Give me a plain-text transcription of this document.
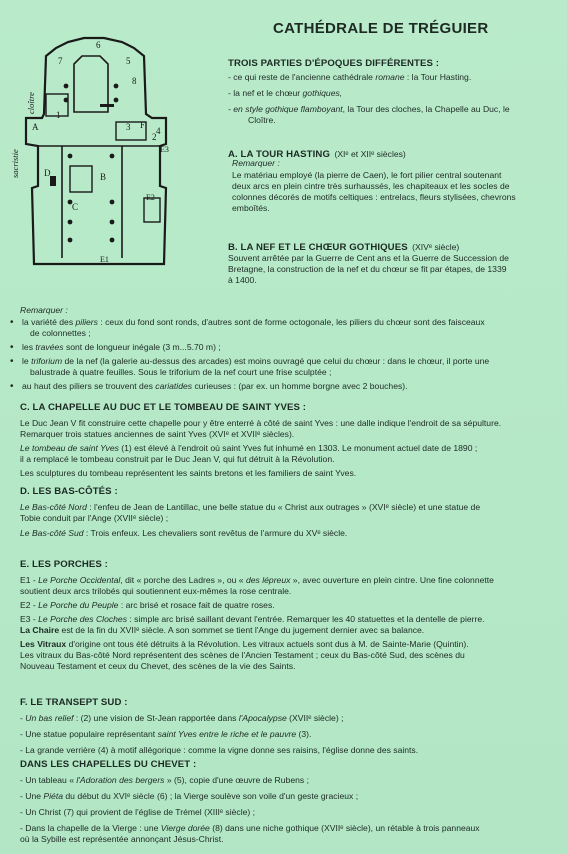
CATHÉDRALE DE TRÉGUIER
6
5
7
8
4
1
3
2
A
B
C
D
F
E3
E2
E1
cloître
sacristie
TROIS PARTIES D'ÉPOQUES DIFFÉRENTES :

- ce qui reste de l'ancienne cathédrale romane : la Tour Hasting.

- la nef et le chœur gothiques,

- en style gothique flamboyant, la Tour des cloches, la Chapelle au Duc, le

Cloître.

A. LA TOUR HASTING (XIᵉ et XIIᵉ siècles)
Remarquer :

Le matériau employé (la pierre de Caen), le fort pilier central soutenant

deux arcs en plein cintre très surhaussés, les chapiteaux et les socles de

colonnes décorés de motifs celtiques : entrelacs, fleurs stylisées, chevrons

emboîtés.

B. LA NEF ET LE CHŒUR GOTHIQUES (XIVᵉ siècle)

Souvent arrêtée par la Guerre de Cent ans et la Guerre de Succession de

Bretagne, la construction de la nef et du chœur se fit par étapes, de 1339

à 1400.

Remarquer :

• la variété des piliers : ceux du fond sont ronds, d'autres sont de forme octogonale, les piliers du chœur sont des faisceaux

de colonnettes ;

• les travées sont de longueur inégale (3 m...5.70 m) ;

• le triforium de la nef (la galerie au-dessus des arcades) est moins ouvragé que celui du chœur : dans le chœur, il porte une

balustrade à quatre feuilles. Sous le triforium de la nef court une frise sculptée ;

• au haut des piliers se trouvent des cariatides curieuses : (par ex. un homme borgne avec 2 bouches).

C. LA CHAPELLE AU DUC ET LE TOMBEAU DE SAINT YVES :

Le Duc Jean V fit construire cette chapelle pour y être enterré à côté de saint Yves : une dalle indique l'endroit de sa sépulture.

Remarquer trois statues anciennes de saint Yves (XVIᵉ et XVIIᵉ siècles).

Le tombeau de saint Yves (1) est élevé à l'endroit où saint Yves fut inhumé en 1303. Le monument actuel date de 1890 ;

il a remplacé le tombeau construit par le Duc Jean V, qui fut détruit à la Révolution.

Les sculptures du tombeau représentent les saints bretons et les familiers de saint Yves.

D. LES BAS-CÔTÉS :

Le Bas-côté Nord : l'enfeu de Jean de Lantillac, une belle statue du « Christ aux outrages » (XVIᵉ siècle) et une statue de

Tobie conduit par l'Ange (XVIIᵉ siècle) ;

Le Bas-côté Sud : Trois enfeux. Les chevaliers sont revêtus de l'armure du XVᵉ siècle.

E. LES PORCHES :

E1 - Le Porche Occidental, dit « porche des Ladres », ou « des lépreux », avec ouverture en plein cintre. Une fine colonnette

soutient deux arcs trilobés qui soutiennent eux-mêmes la rose centrale.

E2 - Le Porche du Peuple : arc brisé et rosace fait de quatre roses.

E3 - Le Porche des Cloches : simple arc brisé saillant devant l'entrée. Remarquer les 40 statuettes et la dentelle de pierre.

La Chaire est de la fin du XVIIᵉ siècle. A son sommet se tient l'Ange du jugement dernier avec sa balance.

Les Vitraux d'origine ont tous été détruits à la Révolution. Les vitraux actuels sont dus à M. de Sainte-Marie (Quintin).

Les vitraux du Bas-côté Nord représentent des scènes de l'Ancien Testament ; ceux du Bas-côté Sud, des scènes du

Nouveau Testament et ceux du Chevet, des scènes de la vie des Saints.

F. LE TRANSEPT SUD :

- Un bas relief : (2) une vision de St-Jean rapportée dans l'Apocalypse (XVIIᵉ siècle) ;

- Une statue populaire représentant saint Yves entre le riche et le pauvre (3).

- La grande verrière (4) à motif allégorique : comme la vigne donne ses raisins, l'église donne des saints.

DANS LES CHAPELLES DU CHEVET :

- Un tableau « l'Adoration des bergers » (5), copie d'une œuvre de Rubens ;

- Une Piéta du début du XVIᵉ siècle (6) ; la Vierge soulève son voile d'un geste gracieux ;

- Un Christ (7) qui provient de l'église de Trémel (XIIIᵉ siècle) ;

- Dans la chapelle de la Vierge : une Vierge dorée (8) dans une niche gothique (XVIIᵉ siècle), un rétable à trois panneaux

où la Sybille est représentée annonçant Jésus-Christ.
